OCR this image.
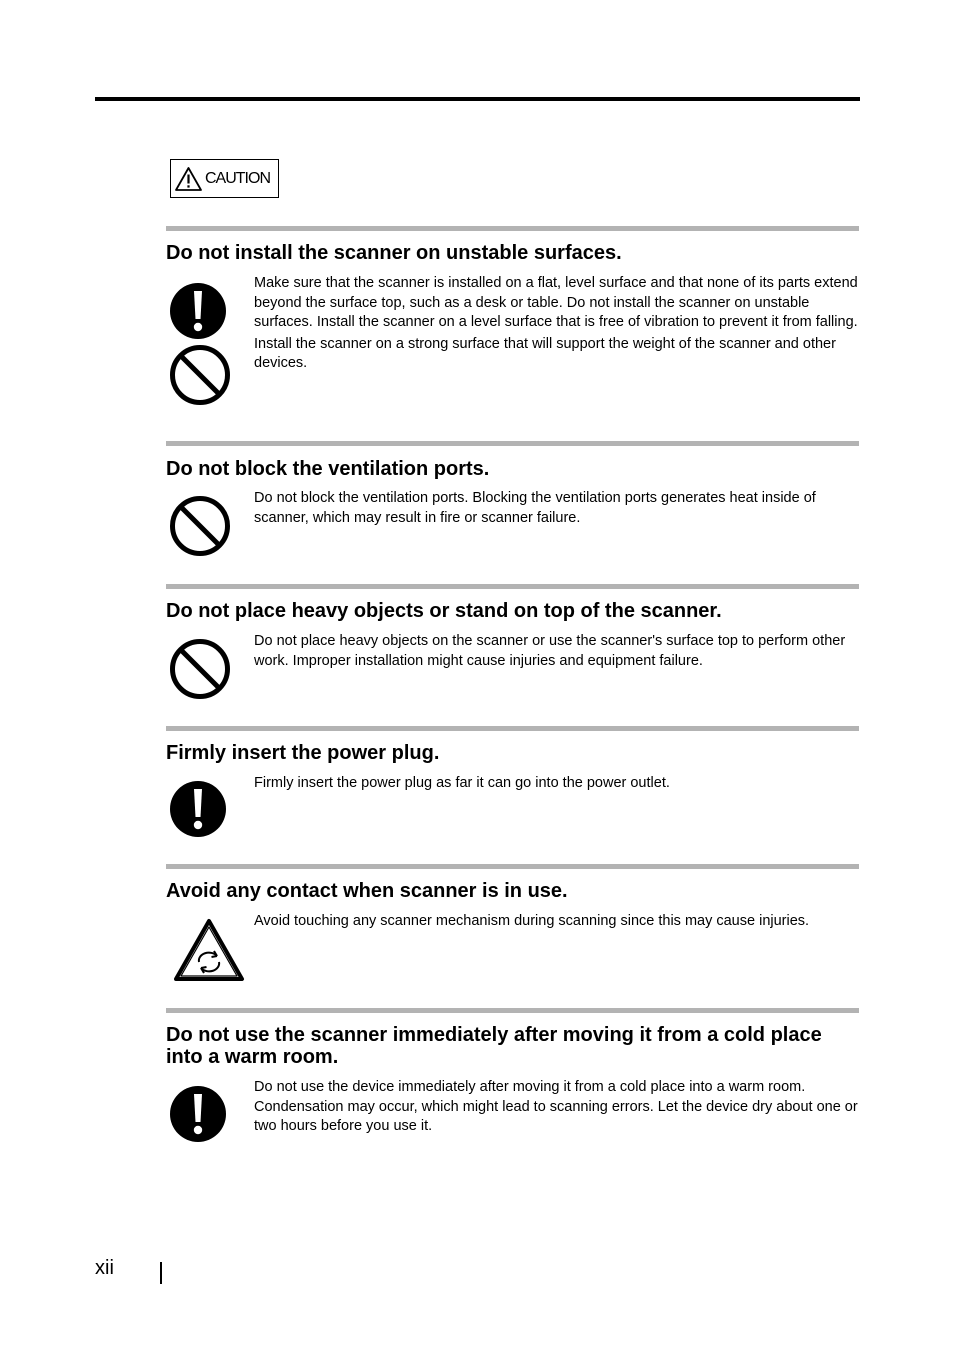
CAUTION
Do not install the scanner on unstable surfaces.

Make sure that the scanner is installed on a flat, level surface and that none of its parts extend beyond the surface top, such as a desk or table. Do not install the scanner on unstable surfaces. Install the scanner on a level surface that is free of vibration to prevent it from falling.

Install the scanner on a strong surface that will support the weight of the scanner and other devices.

Do not block the ventilation ports.

Do not block the ventilation ports. Blocking the ventilation ports generates heat inside of scanner, which may result in fire or scanner failure.

Do not place heavy objects or stand on top of the scanner.

Do not place heavy objects on the scanner or use the scanner's surface top to perform other work. Improper installation might cause injuries and equipment failure.

Firmly insert the power plug.

Firmly insert the power plug as far it can go into the power outlet.

Avoid any contact when scanner is in use.

Avoid touching any scanner mechanism during scanning since this may cause injuries.

Do not use the scanner immediately after moving it from a cold place into a warm room.

Do not use the device immediately after moving it from a cold place into a warm room. Condensation may occur, which might lead to scanning errors. Let the device dry about one or two hours before you use it.

xii
